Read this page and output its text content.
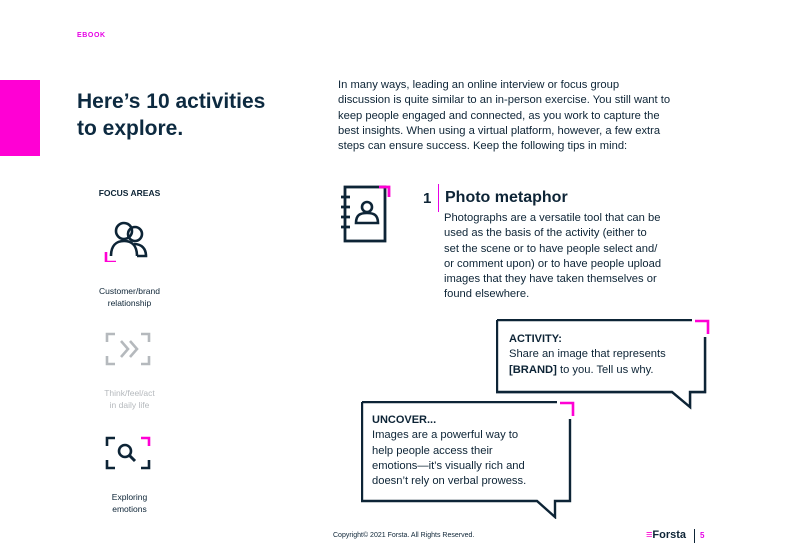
EBOOK
Here’s 10 activities
to explore.
FOCUS AREAS
Customer/brand
relationship
Think/feel/act
in daily life
Exploring
emotions
In many ways, leading an online interview or focus group
discussion is quite similar to an in-person exercise. You still want to
keep people engaged and connected, as you work to capture the
best insights. When using a virtual platform, however, a few extra
steps can ensure success. Keep the following tips in mind:
1 Photo metaphor
Photographs are a versatile tool that can be
used as the basis of the activity (either to
set the scene or to have people select and/
or comment upon) or to have people upload
images that they have taken themselves or
found elsewhere.
ACTIVITY:
Share an image that represents
[BRAND] to you. Tell us why.
UNCOVER...
Images are a powerful way to
help people access their
emotions—it’s visually rich and
doesn’t rely on verbal prowess.
Copyright© 2021 Forsta. All Rights Reserved.	≡Forsta 5
